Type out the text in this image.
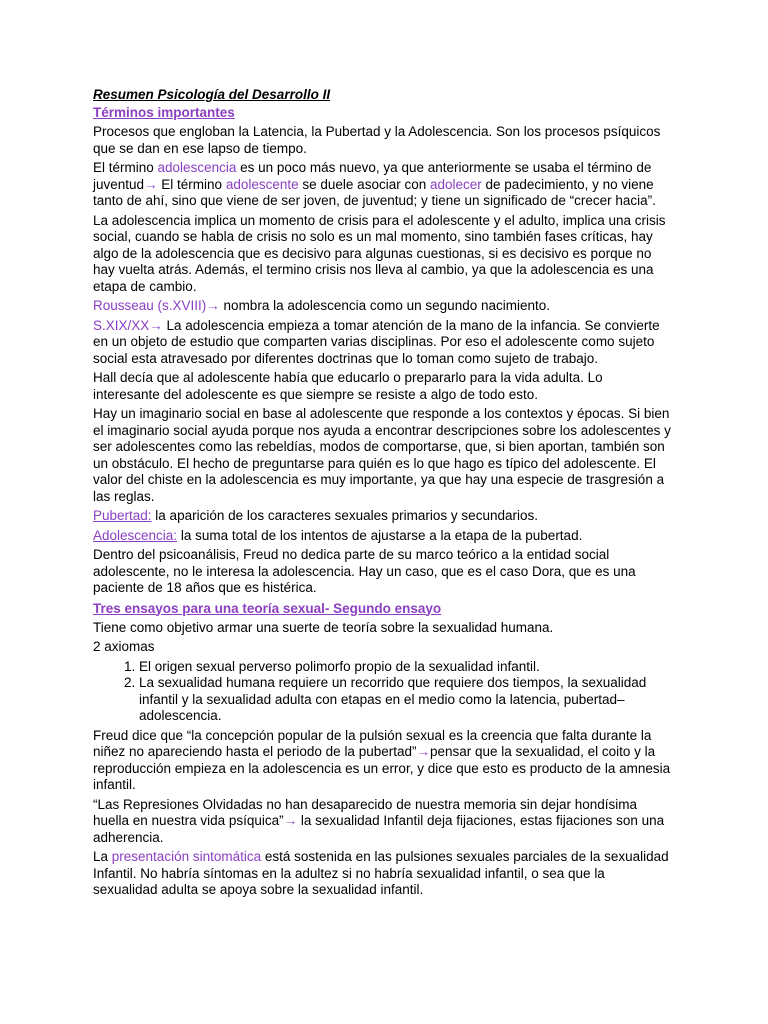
Resumen Psicología del Desarrollo II
Términos importantes

Procesos que engloban la Latencia, la Pubertad y la Adolescencia. Son los procesos psíquicos que se dan en ese lapso de tiempo.

El término adolescencia es un poco más nuevo, ya que anteriormente se usaba el término de juventud→ El término adolescente se duele asociar con adolecer de padecimiento, y no viene tanto de ahí, sino que viene de ser joven, de juventud; y tiene un significado de “crecer hacia”.

La adolescencia implica un momento de crisis para el adolescente y el adulto, implica una crisis social, cuando se habla de crisis no solo es un mal momento, sino también fases críticas, hay algo de la adolescencia que es decisivo para algunas cuestionas, si es decisivo es porque no hay vuelta atrás. Además, el termino crisis nos lleva al cambio, ya que la adolescencia es una etapa de cambio.

Rousseau (s.XVIII)→ nombra la adolescencia como un segundo nacimiento.

S.XIX/XX→ La adolescencia empieza a tomar atención de la mano de la infancia. Se convierte en un objeto de estudio que comparten varias disciplinas. Por eso el adolescente como sujeto social esta atravesado por diferentes doctrinas que lo toman como sujeto de trabajo.

Hall decía que al adolescente había que educarlo o prepararlo para la vida adulta. Lo interesante del adolescente es que siempre se resiste a algo de todo esto.

Hay un imaginario social en base al adolescente que responde a los contextos y épocas. Si bien el imaginario social ayuda porque nos ayuda a encontrar descripciones sobre los adolescentes y ser adolescentes como las rebeldías, modos de comportarse, que, si bien aportan, también son un obstáculo. El hecho de preguntarse para quién es lo que hago es típico del adolescente. El valor del chiste en la adolescencia es muy importante, ya que hay una especie de trasgresión a las reglas.

Pubertad: la aparición de los caracteres sexuales primarios y secundarios.

Adolescencia: la suma total de los intentos de ajustarse a la etapa de la pubertad.

Dentro del psicoanálisis, Freud no dedica parte de su marco teórico a la entidad social adolescente, no le interesa la adolescencia. Hay un caso, que es el caso Dora, que es una paciente de 18 años que es histérica.

Tres ensayos para una teoría sexual- Segundo ensayo

Tiene como objetivo armar una suerte de teoría sobre la sexualidad humana.

2 axiomas

1. El origen sexual perverso polimorfo propio de la sexualidad infantil.
2. La sexualidad humana requiere un recorrido que requiere dos tiempos, la sexualidad infantil y la sexualidad adulta con etapas en el medio como la latencia, pubertad–adolescencia.

Freud dice que “la concepción popular de la pulsión sexual es la creencia que falta durante la niñez no apareciendo hasta el periodo de la pubertad”→pensar que la sexualidad, el coito y la reproducción empieza en la adolescencia es un error, y dice que esto es producto de la amnesia infantil.

“Las Represiones Olvidadas no han desaparecido de nuestra memoria sin dejar hondísima huella en nuestra vida psíquica”→ la sexualidad Infantil deja fijaciones, estas fijaciones son una adherencia.

La presentación sintomática está sostenida en las pulsiones sexuales parciales de la sexualidad Infantil. No habría síntomas en la adultez si no habría sexualidad infantil, o sea que la sexualidad adulta se apoya sobre la sexualidad infantil.
